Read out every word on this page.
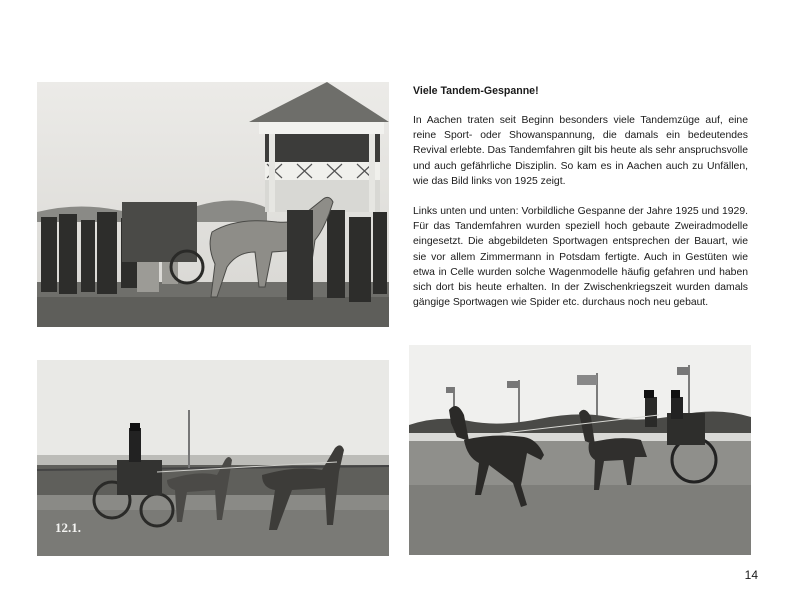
Viele Tandem-Gespanne!

In Aachen traten seit Beginn besonders viele Tandemzüge auf, eine reine Sport- oder Showanspannung, die damals ein bedeutendes Revival erlebte. Das Tandemfahren gilt bis heute als sehr anspruchsvolle und auch gefährliche Disziplin. So kam es in Aachen auch zu Unfällen, wie das Bild links von 1925 zeigt.

Links unten und unten: Vorbildliche Gespanne der Jahre 1925 und 1929. Für das Tandemfahren wurden speziell hoch gebaute Zweiradmodelle eingesetzt. Die abgebildeten Sportwagen entsprechen der Bauart, wie sie vor allem Zimmermann in Potsdam fertigte. Auch in Gestüten wie etwa in Celle wurden solche Wagenmodelle häufig gefahren und haben sich dort bis heute erhalten. In der Zwischenkriegszeit wurden damals gängige Sportwagen wie Spider etc. durchaus noch neu gebaut.

12.1.
14
